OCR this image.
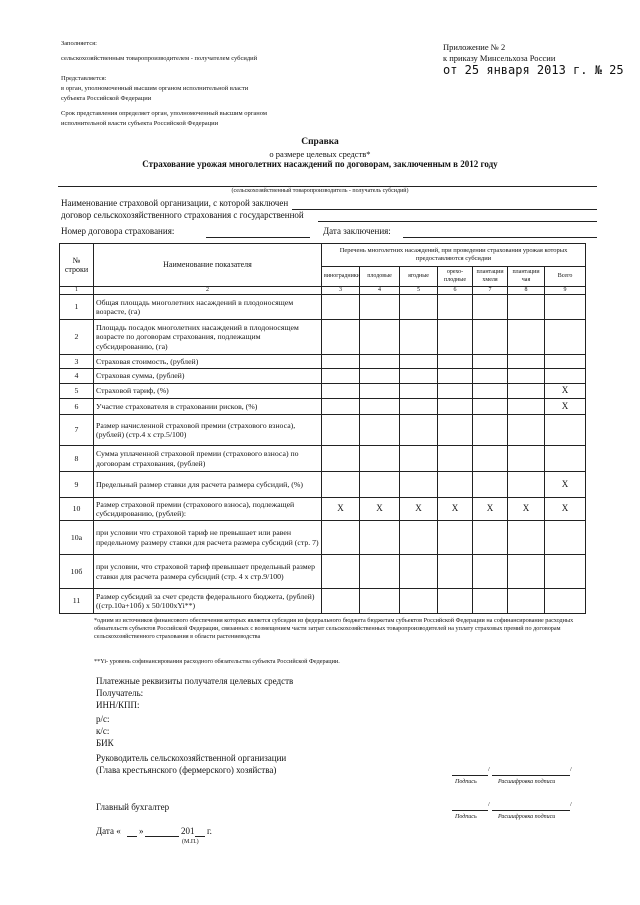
Заполняется:
сельскохозяйственным товаропроизводителем - получателем субсидий
Представляется:
в орган, уполномоченный высшим органом исполнительной власти
субъекта Российской Федерации
Срок представления определяет орган, уполномоченный высшим органом
исполнительной власти субъекта Российской Федерации
Приложение № 2
к приказу Минсельхоза России
от 25 января 2013 г. № 25
Справка
о размере целевых средств*
Страхование урожая многолетних насаждений по договорам, заключенным в 2012 году
(сельскохозяйственный товаропроизводитель - получатель субсидий)
Наименование страховой организации, с которой заключен
договор сельскохозяйственного страхования с государственной
Номер договора страхования:	Дата заключения:
№ строки	Наименование показателя	Перечень многолетних насаждений, при проведении страхования урожая которых предоставляются субсидии						
		виноградники	плодовые	ягодные	орехо-плодные	плантации хмеля	плантации чая	Всего
1	2	3	4	5	6	7	8	9
1	Общая площадь многолетних насаждений в плодоносящем возрасте, (га)							
2	Площадь посадок многолетних насаждений в плодоносящем возрасте по договорам страхования, подлежащим субсидированию, (га)							
3	Страховая стоимость, (рублей)							
4	Страховая сумма, (рублей)							
5	Страховой тариф, (%)							X
6	Участие страхователя в страховании рисков, (%)							X
7	Размер начисленной страховой премии (страхового взноса), (рублей) (стр.4 х стр.5/100)							
8	Сумма уплаченной страховой премии (страхового взноса) по договорам страхования, (рублей)							
9	Предельный размер ставки для расчета размера субсидий, (%)							X
10	Размер страховой премии (страхового взноса), подлежащей субсидированию, (рублей):	X	X	X	X	X	X	X
10а	при условии что страховой тариф не превышает или равен предельному размеру ставки для расчета размера субсидий (стр. 7)							
10б	при условии, что страховой тариф превышает предельный размер ставки для расчета размера субсидий (стр. 4 х стр.9/100)							
11	Размер субсидий за счет средств федерального бюджета, (рублей) ((стр.10а+10б) х 50/100хYi**)							
*одним из источников финансового обеспечения которых является субсидия из федерального бюджета бюджетам субъектов Российской Федерации на софинансирование расходных обязательств субъектов Российской Федерации, связанных с возмещением части затрат сельскохозяйственных товаропроизводителей на уплату страховых премий по договорам сельскохозяйственного страхования в области растениеводства
**Yi- уровень софинансирования расходного обязательства субъекта Российской Федерации.
Платежные реквизиты получателя целевых средств
Получатель:
ИНН/КПП:
р/с:
к/с:
БИК
Руководитель сельскохозяйственной организации
(Глава крестьянского (фермерского) хозяйства)	/	/
Подпись	Расшифровка подписи
Главный бухгалтер	/	/
Подпись	Расшифровка подписи
Дата « »	201 г.
(М.П.)
